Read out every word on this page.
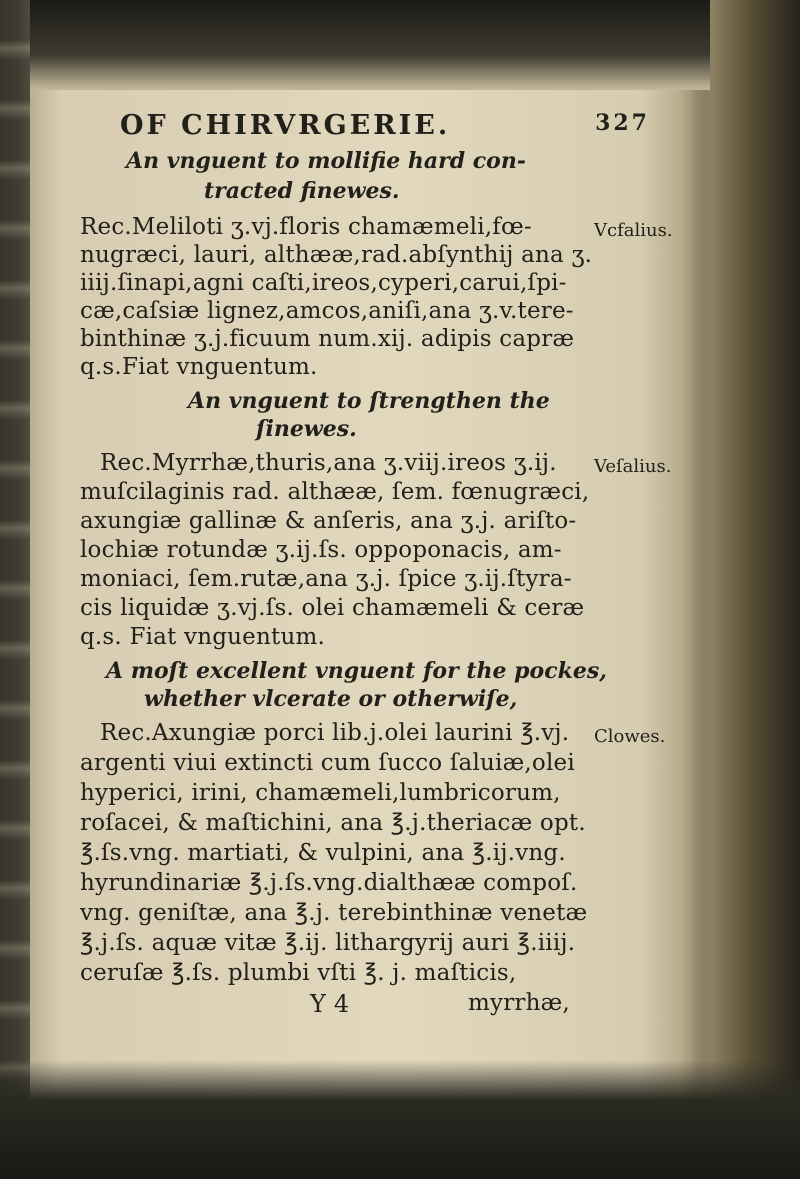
OF CHIRVRGERIE.	327
An vnguent to mollifie hard con-
tracted finewes.
Rec.Meliloti ʒ.vj.floris chamæmeli,fœ-
nugræci, lauri, althææ,rad.abſynthij ana ʒ.
iiij.ſinapi,agni caſti,ireos,cyperi,carui,ſpi-
cæ,caſsiæ lignez,amcos,aniſi,ana ʒ.v.tere-
binthinæ ʒ.j.ficuum num.xij. adipis capræ
q.s.Fiat vnguentum.
Vcfalius.
An vnguent to ſtrengthen the
ſinewes.
Rec.Myrrhæ,thuris,ana ʒ.viij.ireos ʒ.ij.
muſcilaginis rad. althææ, ſem. fœnugræci,
axungiæ gallinæ & anſeris, ana ʒ.j. ariſto-
lochiæ rotundæ ʒ.ij.ſs. oppoponacis, am-
moniaci, ſem.rutæ,ana ʒ.j. ſpice ʒ.ij.ſtyra-
cis liquidæ ʒ.vj.ſs. olei chamæmeli & ceræ
q.s. Fiat vnguentum.
Veſalius.
A moſt excellent vnguent for the pockes,
whether vlcerate or otherwiſe,
Rec.Axungiæ porci lib.j.olei laurini ℥.vj.
argenti viui extincti cum ſucco ſaluiæ,olei
hyperici, irini, chamæmeli,lumbricorum,
roſacei, & maſtichini, ana ℥.j.theriacæ opt.
℥.ſs.vng. martiati, & vulpini, ana ℥.ij.vng.
hyrundinariæ ℥.j.ſs.vng.dialthææ compoſ.
vng. geniſtæ, ana ℥.j. terebinthinæ venetæ
℥.j.ſs. aquæ vitæ ℥.ij. lithargyrij auri ℥.iiij.
ceruſæ ℥.ſs. plumbi vſti ℥. j. maſticis,
Clowes.
Y 4	myrrhæ,
